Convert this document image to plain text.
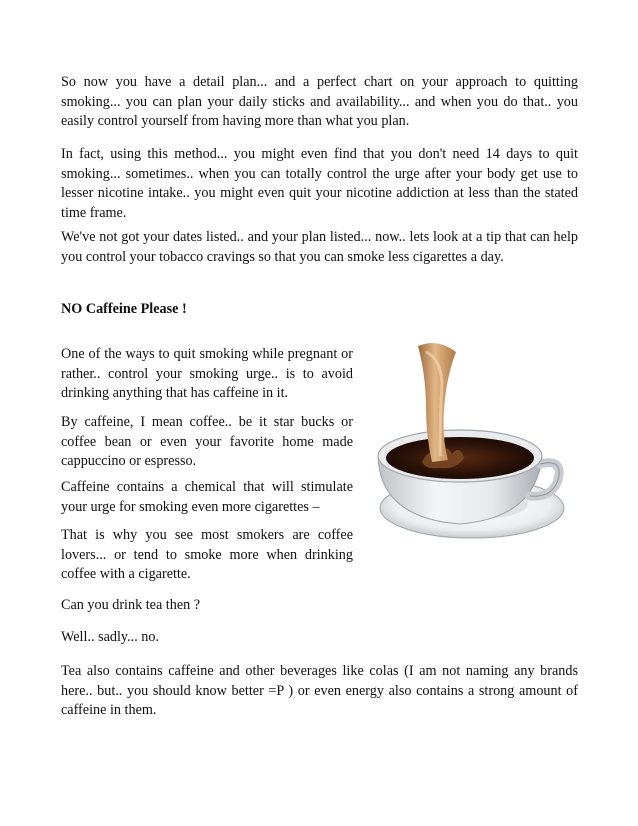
So now you have a detail plan... and a perfect chart on your approach to quitting smoking... you can plan your daily sticks and availability... and when you do that.. you easily control yourself from having more than what you plan.

In fact, using this method... you might even find that you don't need 14 days to quit smoking... sometimes.. when you can totally control the urge after your body get use to lesser nicotine intake.. you might even quit your nicotine addiction at less than the stated time frame.

We've not got your dates listed.. and your plan listed... now.. lets look at a tip that can help you control your tobacco cravings so that you can smoke less cigarettes a day.

NO Caffeine Please !

One of the ways to quit smoking while pregnant or rather.. control your smoking urge.. is to avoid drinking anything that has caffeine in it.

By caffeine, I mean coffee.. be it star bucks or coffee bean or even your favorite home made cappuccino or espresso.

Caffeine contains a chemical that will stimulate your urge for smoking even more cigarettes –

That is why you see most smokers are coffee lovers... or tend to smoke more when drinking coffee with a cigarette.

Can you drink tea then ?

Well.. sadly... no.

Tea also contains caffeine and other beverages like colas (I am not naming any brands here.. but.. you should know better =P ) or even energy also contains a strong amount of caffeine in them.
